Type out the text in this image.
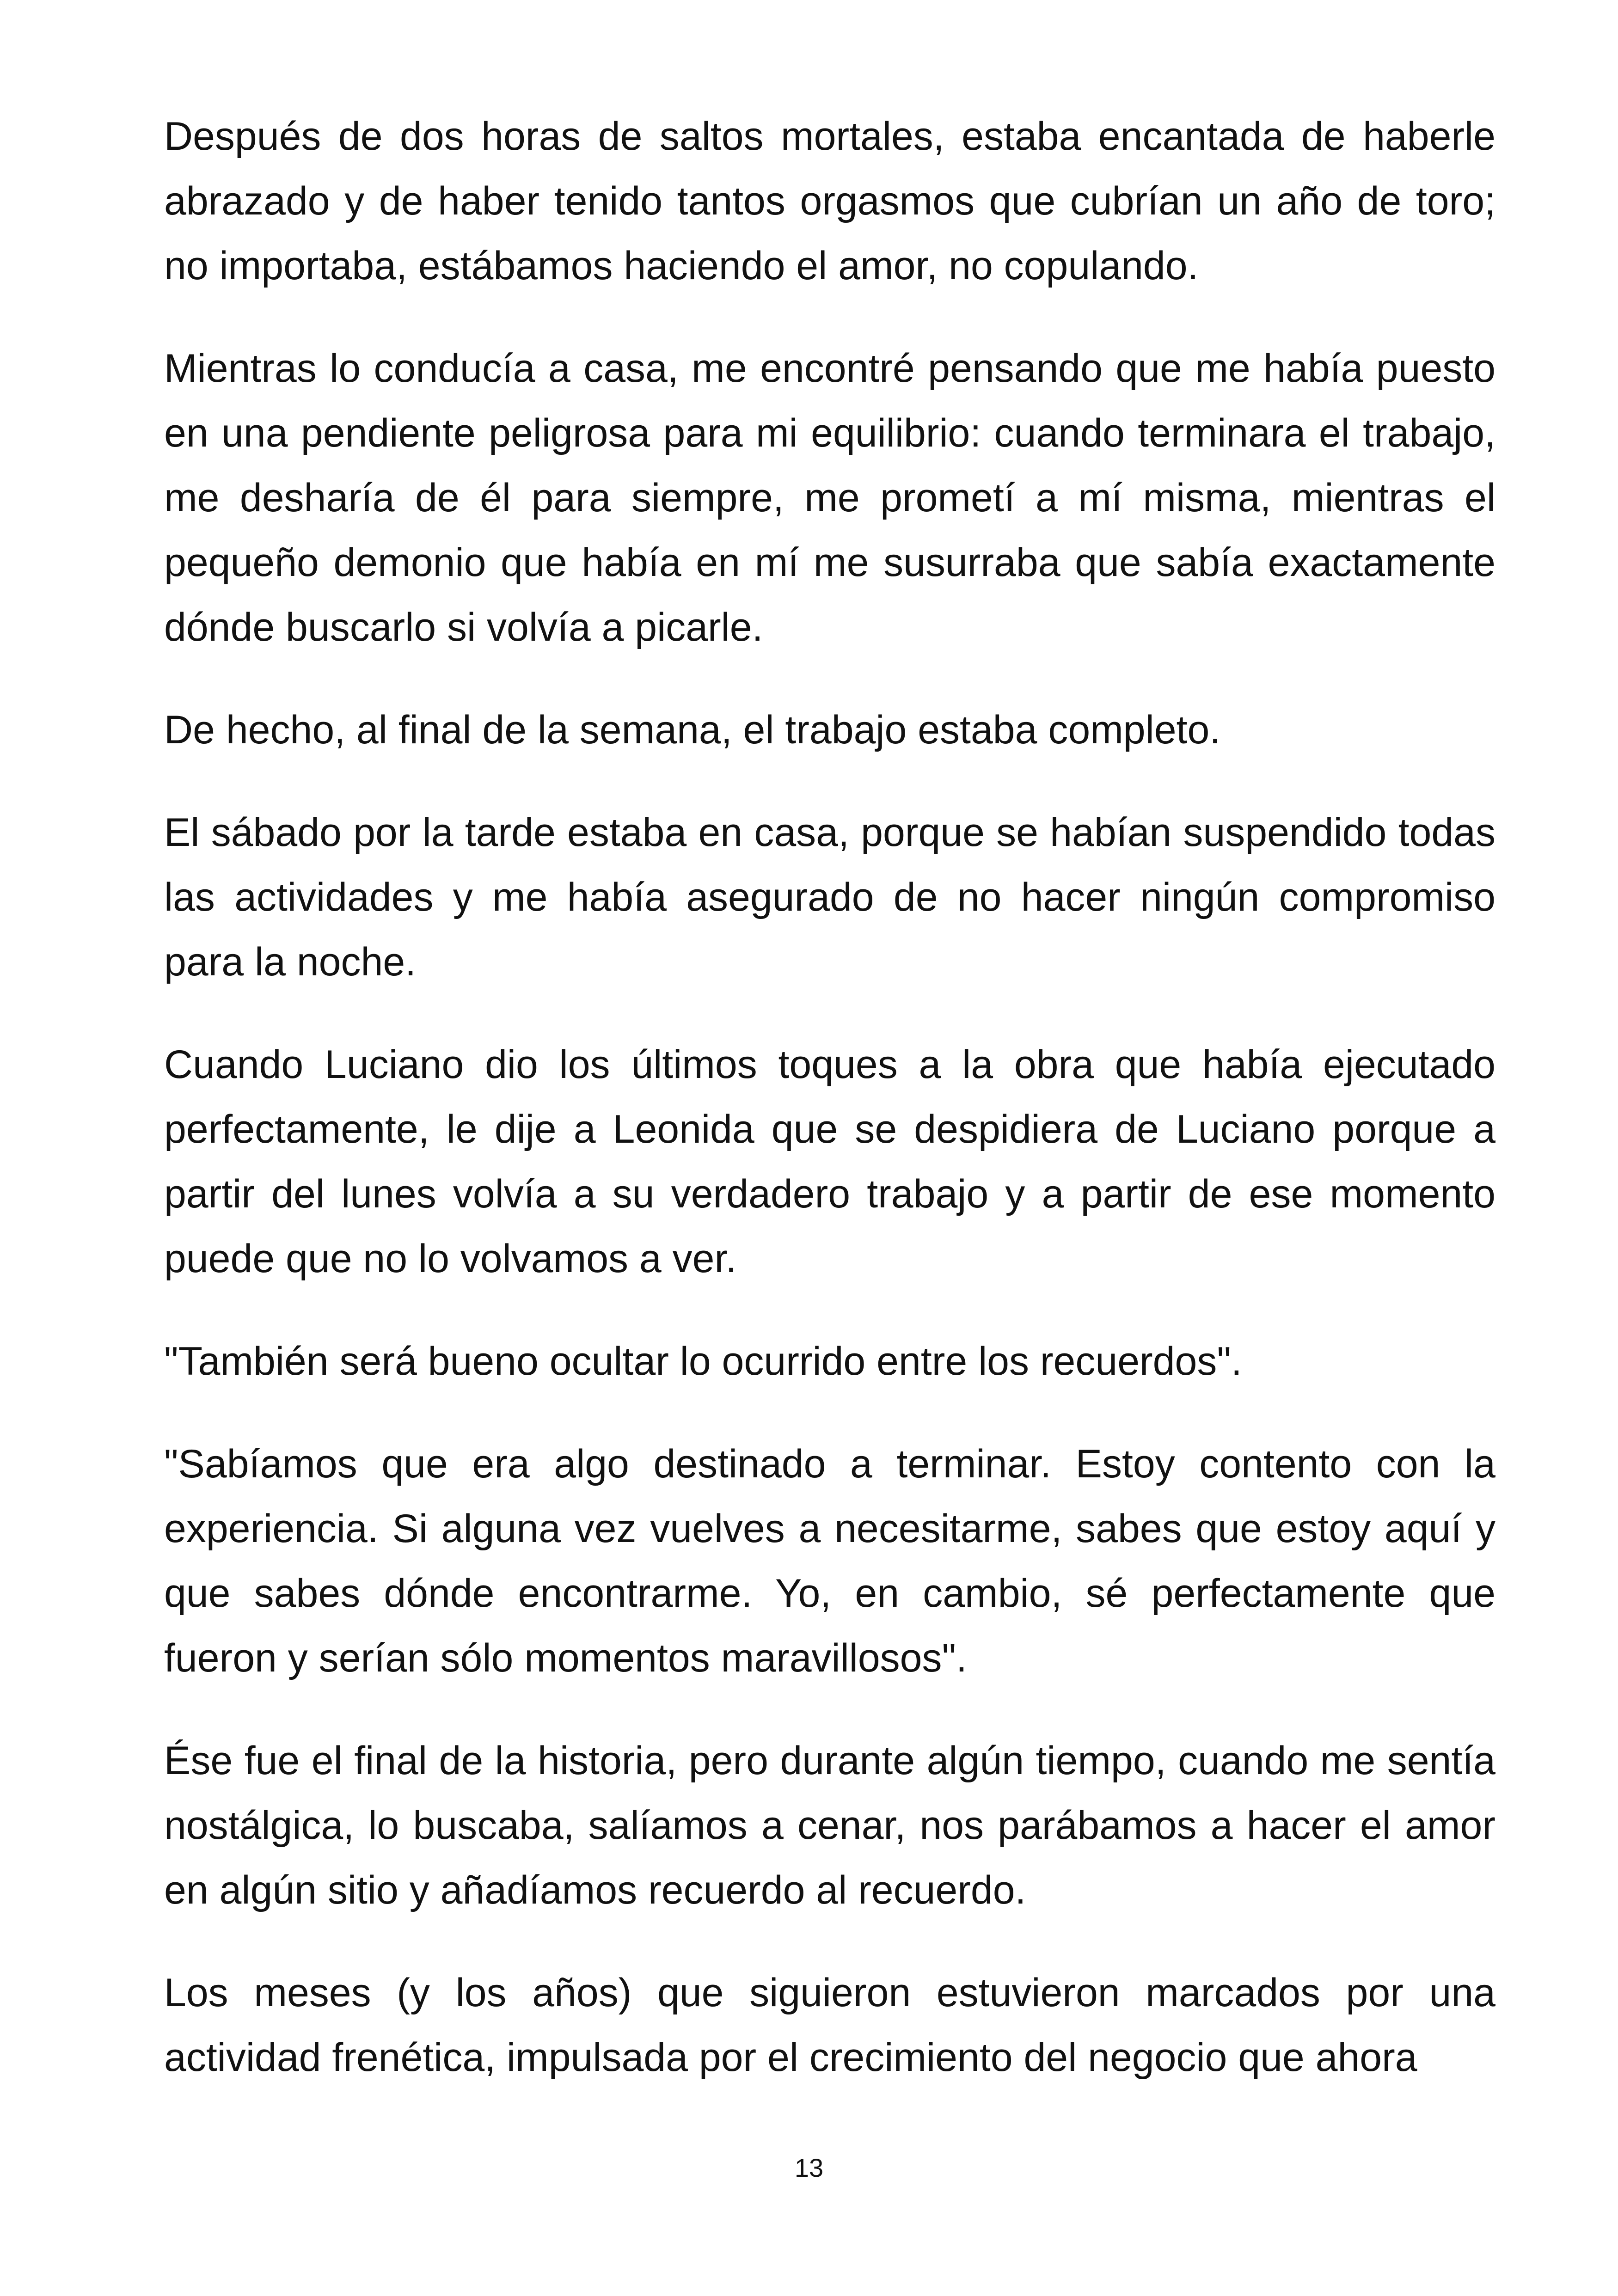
Después de dos horas de saltos mortales, estaba encantada de haberle abrazado y de haber tenido tantos orgasmos que cubrían un año de toro; no importaba, estábamos haciendo el amor, no copulando.

Mientras lo conducía a casa, me encontré pensando que me había puesto en una pendiente peligrosa para mi equilibrio: cuando terminara el trabajo, me desharía de él para siempre, me prometí a mí misma, mientras el pequeño demonio que había en mí me susurraba que sabía exactamente dónde buscarlo si volvía a picarle.

De hecho, al final de la semana, el trabajo estaba completo.

El sábado por la tarde estaba en casa, porque se habían suspendido todas las actividades y me había asegurado de no hacer ningún compromiso para la noche.

Cuando Luciano dio los últimos toques a la obra que había ejecutado perfectamente, le dije a Leonida que se despidiera de Luciano porque a partir del lunes volvía a su verdadero trabajo y a partir de ese momento puede que no lo volvamos a ver.

"También será bueno ocultar lo ocurrido entre los recuerdos".

"Sabíamos que era algo destinado a terminar. Estoy contento con la experiencia. Si alguna vez vuelves a necesitarme, sabes que estoy aquí y que sabes dónde encontrarme. Yo, en cambio, sé perfectamente que fueron y serían sólo momentos maravillosos".

Ése fue el final de la historia, pero durante algún tiempo, cuando me sentía nostálgica, lo buscaba, salíamos a cenar, nos parábamos a hacer el amor en algún sitio y añadíamos recuerdo al recuerdo.

Los meses (y los años) que siguieron estuvieron marcados por una actividad frenética, impulsada por el crecimiento del negocio que ahora

13
